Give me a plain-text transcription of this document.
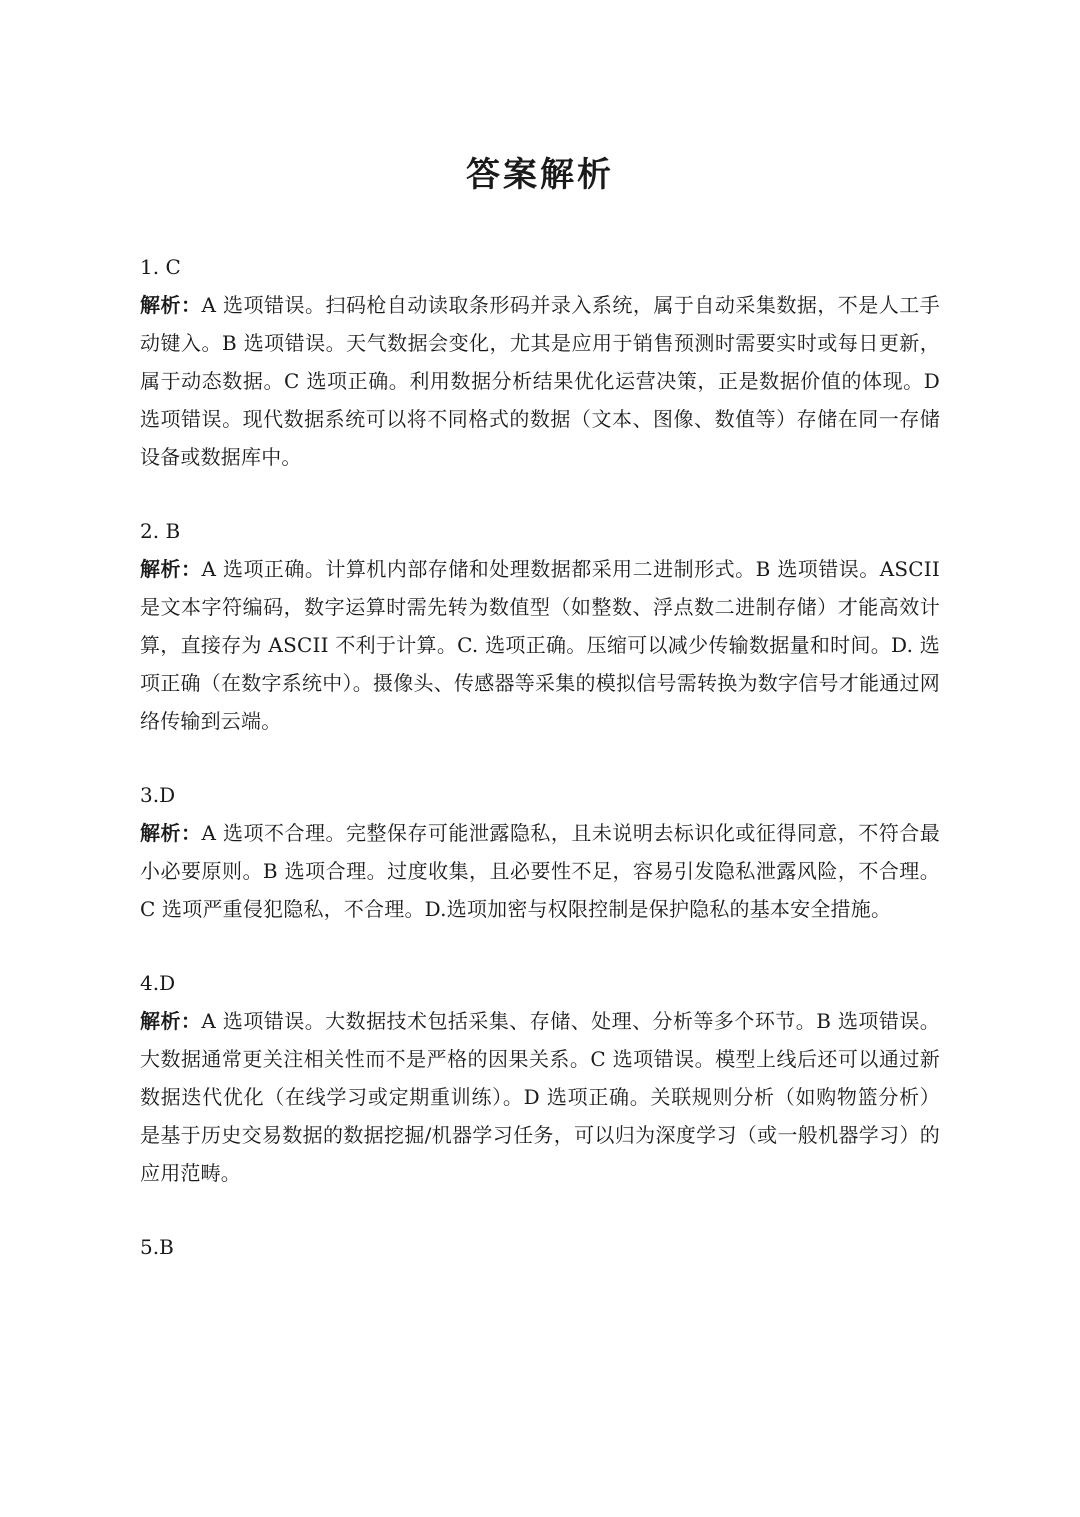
答案解析
1. C
解析：A 选项错误。扫码枪自动读取条形码并录入系统，属于自动采集数据，不是人工手动键入。B 选项错误。天气数据会变化，尤其是应用于销售预测时需要实时或每日更新，属于动态数据。C 选项正确。利用数据分析结果优化运营决策，正是数据价值的体现。D 选项错误。现代数据系统可以将不同格式的数据（文本、图像、数值等）存储在同一存储设备或数据库中。
2. B
解析：A 选项正确。计算机内部存储和处理数据都采用二进制形式。B 选项错误。ASCII 是文本字符编码，数字运算时需先转为数值型（如整数、浮点数二进制存储）才能高效计算，直接存为 ASCII 不利于计算。C. 选项正确。压缩可以减少传输数据量和时间。D. 选项正确（在数字系统中）。摄像头、传感器等采集的模拟信号需转换为数字信号才能通过网络传输到云端。
3.D
解析：A 选项不合理。完整保存可能泄露隐私，且未说明去标识化或征得同意，不符合最小必要原则。B 选项合理。过度收集，且必要性不足，容易引发隐私泄露风险，不合理。C 选项严重侵犯隐私，不合理。D.选项加密与权限控制是保护隐私的基本安全措施。
4.D
解析：A 选项错误。大数据技术包括采集、存储、处理、分析等多个环节。B 选项错误。大数据通常更关注相关性而不是严格的因果关系。C 选项错误。模型上线后还可以通过新数据迭代优化（在线学习或定期重训练）。D 选项正确。关联规则分析（如购物篮分析）是基于历史交易数据的数据挖掘/机器学习任务，可以归为深度学习（或一般机器学习）的应用范畴。
5.B
